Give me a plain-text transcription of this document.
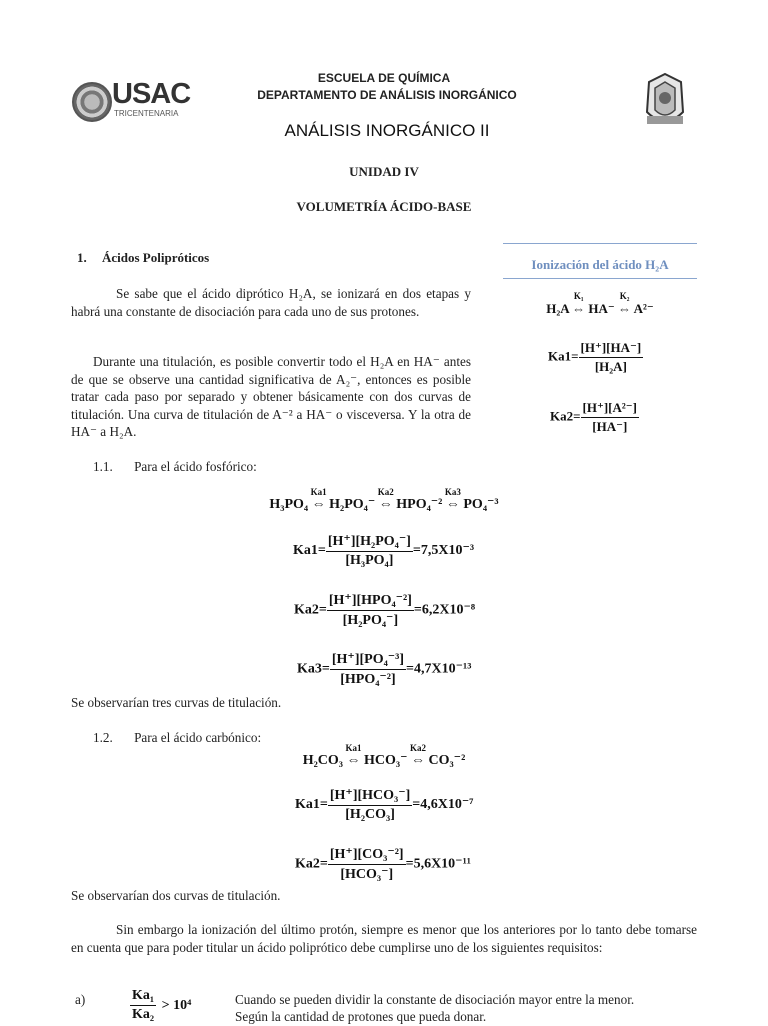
USAC
TRICENTENARIA
ESCUELA DE QUÍMICA
DEPARTAMENTO DE ANÁLISIS INORGÁNICO
ANÁLISIS INORGÁNICO II
UNIDAD IV
VOLUMETRÍA ÁCIDO-BASE
1. Ácidos Polipróticos
Se sabe que el ácido diprótico H₂A, se ionizará en dos etapas y habrá una constante de disociación para cada uno de sus protones.
Durante una titulación, es posible convertir todo el H₂A en HA⁻ antes de que se observe una cantidad significativa de A₂⁻, entonces es posible tratar cada paso por separado y obtener básicamente con dos curvas de titulación. Una curva de titulación de A⁻² a HA⁻ o visceversa. Y la otra de HA⁻ a H₂A.
Ionización del ácido H₂A
H₂A ⇔
K₁
HA⁻ ⇔
K₂
A²⁻
$Ka1= \frac{[H^+][HA^-]}{\text{[H₂A]}}$
$Ka2= \frac{\text{[H⁺][A²⁻]}}{[HA^-]}$
1.1. Para el ácido fosfórico:
H₃PO₄ ⇔
Ka1
H₂PO₄⁻ ⇔
Ka2
HPO₄⁻² ⇔
Ka3
PO₄⁻³
$Ka1= \frac{\text{[H⁺][H₂PO₄⁻]}}{\text{[H₃PO₄]}} =7,5X10^{-3}$
$Ka2= \frac{\text{[H⁺][HPO₄⁻²]}}{\text{[H₂PO₄⁻]}} =6,2X10^{-8}$
$Ka3= \frac{\text{[H⁺][PO₄⁻³]}}{\text{[HPO₄⁻²]}} =4,7X10^{-13}$
Se observarían tres curvas de titulación.
1.2. Para el ácido carbónico:
H₂CO₃ ⇔
Ka1
HCO₃⁻ ⇔
Ka2
CO₃⁻²
$Ka1= \frac{\text{[H⁺][HCO₃⁻]}}{\text{[H₂CO₃]}} =4,6X10^{-7}$
$Ka2= \frac{\text{[H⁺][CO₃⁻²]}}{\text{[HCO₃⁻]}} =5,6X10^{-11}$
Se observarían dos curvas de titulación.
Sin embargo la ionización del último protón, siempre es menor que los anteriores por lo tanto debe tomarse en cuenta que para poder titular un ácido poliprótico debe cumplirse uno de los siguientes requisitos:
a)	$\frac{\text{Ka₁}}{\text{Ka₂}} > 10^4$	Cuando se pueden dividir la constante de disociación mayor entre la menor.
Según la cantidad de protones que pueda donar.
